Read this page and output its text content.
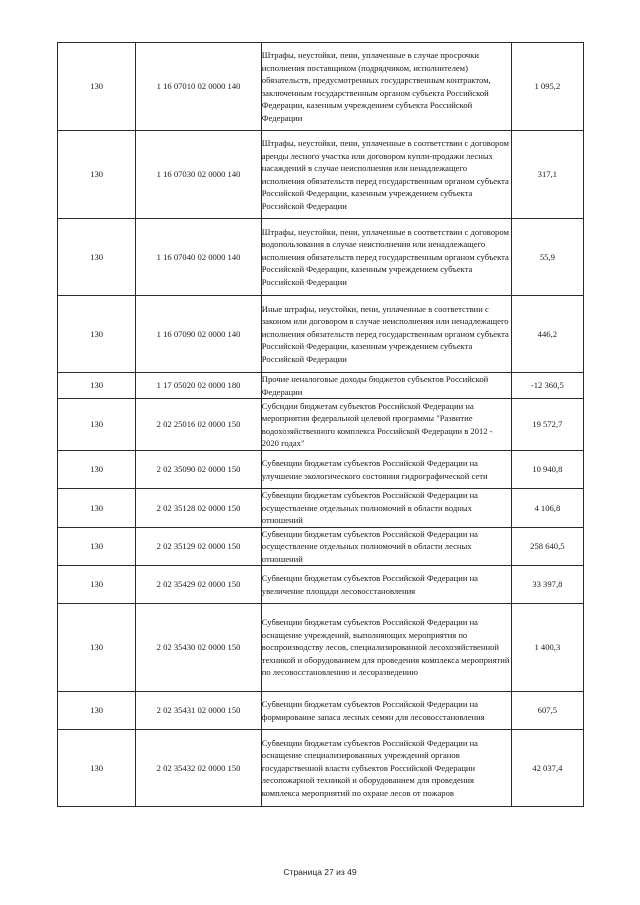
130	1 16 07010 02 0000 140	Штрафы, неустойки, пени, уплаченные в случае просрочки исполнения поставщиком (подрядчиком, исполнителем) обязательств, предусмотренных государственным контрактом, заключенным государственным органом субъекта Российской Федерации, казенным учреждением субъекта Российской Федерации	1 095,2
130	1 16 07030 02 0000 140	Штрафы, неустойки, пени, уплаченные в соответствии с договором аренды лесного участка или договором купли-продажи лесных насаждений в случае неисполнения или ненадлежащего исполнения обязательств перед государственным органом субъекта Российской Федерации, казенным учреждением субъекта Российской Федерации	317,1
130	1 16 07040 02 0000 140	Штрафы, неустойки, пени, уплаченные в соответствии с договором водопользования в случае неисполнения или ненадлежащего исполнения обязательств перед государственным органом субъекта Российской Федерации, казенным учреждением субъекта Российской Федерации	55,9
130	1 16 07090 02 0000 140	Иные штрафы, неустойки, пени, уплаченные в соответствии с законом или договором в случае неисполнения или ненадлежащего исполнения обязательств перед государственным органом субъекта Российской Федерации, казенным учреждением субъекта Российской Федерации	446,2
130	1 17 05020 02 0000 180	Прочие неналоговые доходы бюджетов субъектов Российской Федерации	-12 360,5
130	2 02 25016 02 0000 150	Субсидии бюджетам субъектов Российской Федерации на мероприятия федеральной целевой программы "Развитие водохозяйственного комплекса Российской Федерации в 2012 - 2020 годах"	19 572,7
130	2 02 35090 02 0000 150	Субвенции бюджетам субъектов Российской Федерации на улучшение экологического состояния гидрографической сети	10 940,8
130	2 02 35128 02 0000 150	Субвенции бюджетам субъектов Российской Федерации на осуществление отдельных полномочий в области водных отношений	4 106,8
130	2 02 35129 02 0000 150	Субвенции бюджетам субъектов Российской Федерации на осуществление отдельных полномочий в области лесных отношений	258 640,5
130	2 02 35429 02 0000 150	Субвенции бюджетам субъектов Российской Федерации на увеличение площади лесовосстановления	33 397,8
130	2 02 35430 02 0000 150	Субвенции бюджетам субъектов Российской Федерации на оснащение учреждений, выполняющих мероприятия по воспроизводству лесов, специализированной лесохозяйственной техникой и оборудованием для проведения комплекса мероприятий по лесовосстановлению и лесоразведению	1 400,3
130	2 02 35431 02 0000 150	Субвенции бюджетам субъектов Российской Федерации на формирование запаса лесных семян для лесовосстановления	607,5
130	2 02 35432 02 0000 150	Субвенции бюджетам субъектов Российской Федерации на оснащение специализированных учреждений органов государственной власти субъектов Российской Федерации лесопожарной техникой и оборудованием для проведения комплекса мероприятий по охране лесов от пожаров	42 037,4
Страница 27 из 49
